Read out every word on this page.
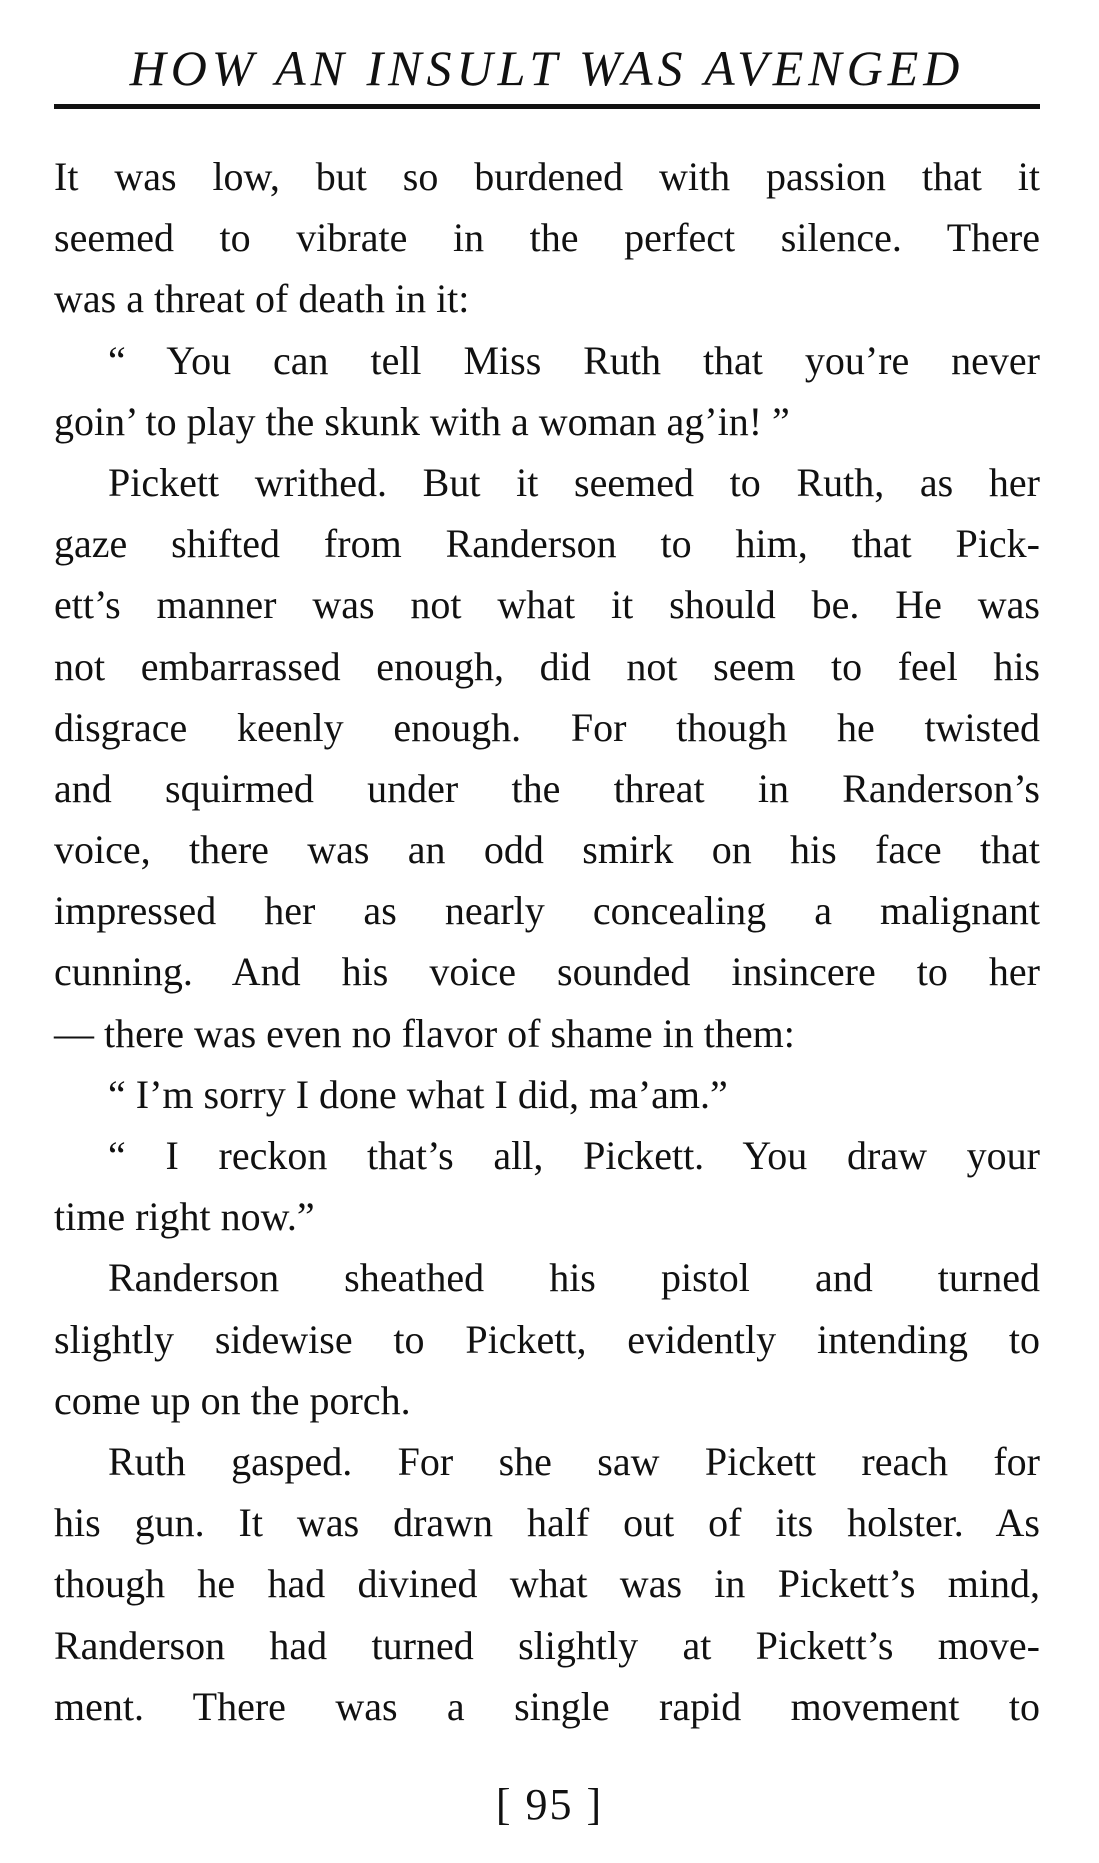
HOW AN INSULT WAS AVENGED
It was low, but so burdened with passion that it
seemed to vibrate in the perfect silence. There
was a threat of death in it:
“ You can tell Miss Ruth that you’re never
goin’ to play the skunk with a woman ag’in! ”
Pickett writhed. But it seemed to Ruth, as her
gaze shifted from Randerson to him, that Pick-
ett’s manner was not what it should be. He was
not embarrassed enough, did not seem to feel his
disgrace keenly enough. For though he twisted
and squirmed under the threat in Randerson’s
voice, there was an odd smirk on his face that
impressed her as nearly concealing a malignant
cunning. And his voice sounded insincere to her
— there was even no flavor of shame in them:
“ I’m sorry I done what I did, ma’am.”
“ I reckon that’s all, Pickett. You draw your
time right now.”
Randerson sheathed his pistol and turned
slightly sidewise to Pickett, evidently intending to
come up on the porch.
Ruth gasped. For she saw Pickett reach for
his gun. It was drawn half out of its holster. As
though he had divined what was in Pickett’s mind,
Randerson had turned slightly at Pickett’s move-
ment. There was a single rapid movement to
[ 95 ]
